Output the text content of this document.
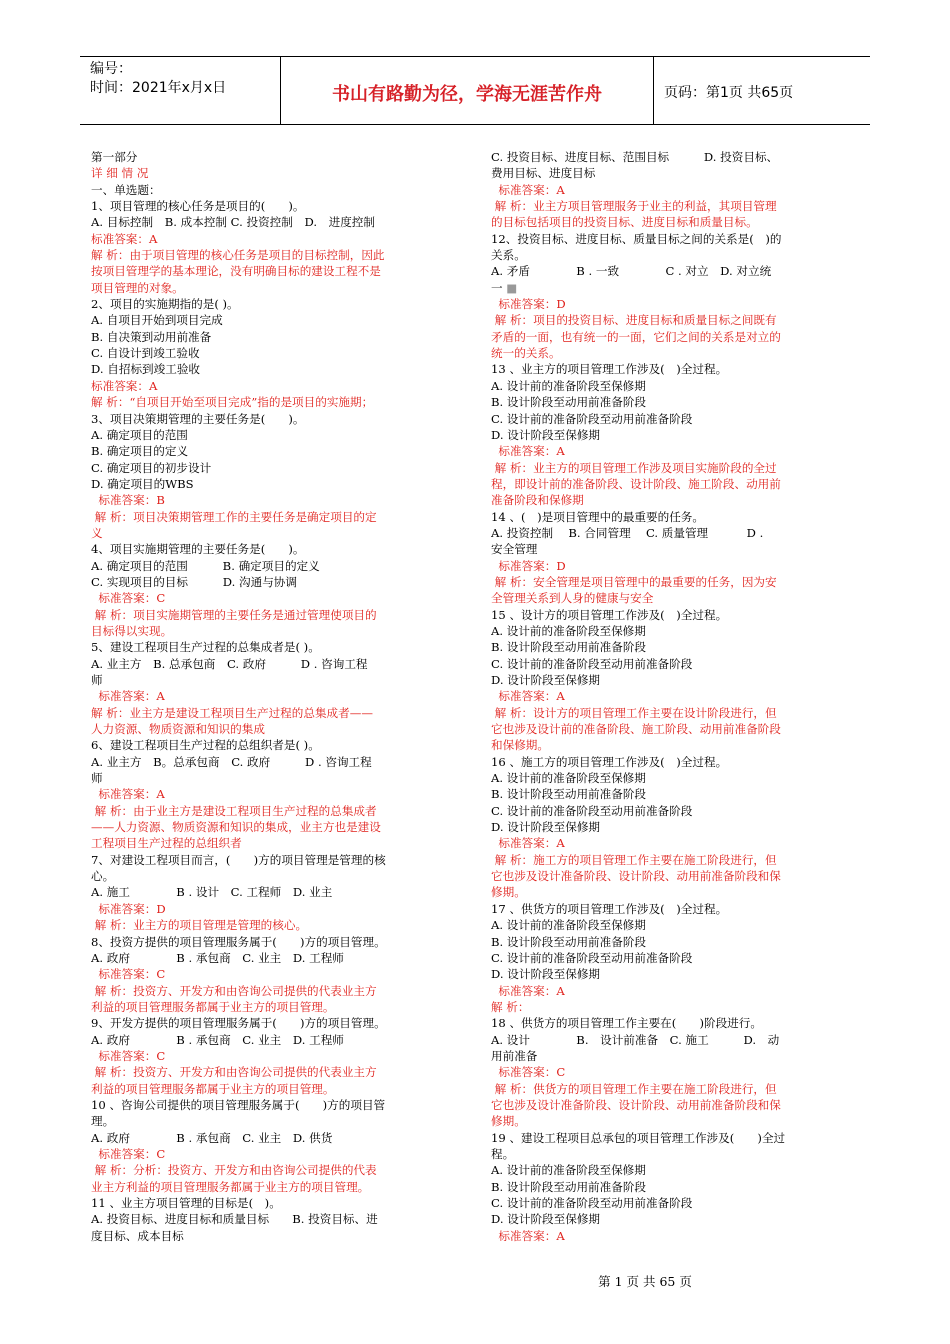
编号：
时间：2021年x月x日	书山有路勤为径，学海无涯苦作舟	页码：第1页 共65页
第一部分
详 细 情 况
一、单选题：
1、项目管理的核心任务是项目的(　　)。
A. 目标控制　B. 成本控制 C. 投资控制　D.　进度控制
标准答案：A
解 析：由于项目管理的核心任务是项目的目标控制，因此
按项目管理学的基本理论，没有明确目标的建设工程不是
项目管理的对象。
2、项目的实施期指的是( )。
A. 自项目开始到项目完成
B. 自决策到动用前准备
C. 自设计到竣工验收
D. 自招标到竣工验收
标准答案：A
解 析：“自项目开始至项目完成”指的是项目的实施期；
3、项目决策期管理的主要任务是(　　)。
A. 确定项目的范围
B. 确定项目的定义
C. 确定项目的初步设计
D. 确定项目的WBS
标准答案：B
解 析：项目决策期管理工作的主要任务是确定项目的定
义
4、项目实施期管理的主要任务是(　　)。
A. 确定项目的范围　　　B. 确定项目的定义
C. 实现项目的目标　　　D. 沟通与协调
标准答案：C
解 析：项目实施期管理的主要任务是通过管理使项目的
目标得以实现。
5、建设工程项目生产过程的总集成者是( )。
A. 业主方　B. 总承包商　C. 政府　　　D . 咨询工程
师
标准答案：A
解 析：业主方是建设工程项目生产过程的总集成者——
人力资源、物质资源和知识的集成
6、建设工程项目生产过程的总组织者是( )。
A. 业主方　B。总承包商　C. 政府　　　D . 咨询工程
师
标准答案：A
解 析：由于业主方是建设工程项目生产过程的总集成者
——人力资源、物质资源和知识的集成，业主方也是建设
工程项目生产过程的总组织者
7、对建设工程项目而言，(　　)方的项目管理是管理的核
心。
A. 施工　　　　B . 设计　C. 工程师　D. 业主
标准答案：D
解 析：业主方的项目管理是管理的核心。
8、投资方提供的项目管理服务属于(　　)方的项目管理。
A. 政府　　　　B . 承包商　C. 业主　D. 工程师
标准答案：C
解 析：投资方、开发方和由咨询公司提供的代表业主方
利益的项目管理服务都属于业主方的项目管理。
9、开发方提供的项目管理服务属于(　　)方的项目管理。
A. 政府　　　　B . 承包商　C. 业主　D. 工程师
标准答案：C
解 析：投资方、开发方和由咨询公司提供的代表业主方
利益的项目管理服务都属于业主方的项目管理。
10 、咨询公司提供的项目管理服务属于(　　)方的项目管
理。
A. 政府　　　　B . 承包商　C. 业主　D. 供货
标准答案：C
解 析：分析：投资方、开发方和由咨询公司提供的代表
业主方利益的项目管理服务都属于业主方的项目管理。
11 、业主方项目管理的目标是(　)。
A. 投资目标、进度目标和质量目标　　B. 投资目标、进
度目标、成本目标
C. 投资目标、进度目标、范围目标　　　D. 投资目标、
费用目标、进度目标
标准答案：A
解 析：业主方项目管理服务于业主的利益，其项目管理
的目标包括项目的投资目标、进度目标和质量目标。
12、投资目标、进度目标、质量目标之间的关系是(　)的
关系。
A. 矛盾　　　　B . 一致　　　　C . 对立　D. 对立统
一 ■
标准答案：D
解 析：项目的投资目标、进度目标和质量目标之间既有
矛盾的一面，也有统一的一面，它们之间的关系是对立的
统一的关系。
13 、业主方的项目管理工作涉及(　)全过程。
A. 设计前的准备阶段至保修期
B. 设计阶段至动用前准备阶段
C. 设计前的准备阶段至动用前准备阶段
D. 设计阶段至保修期
标准答案：A
解 析：业主方的项目管理工作涉及项目实施阶段的全过
程，即设计前的准备阶段、设计阶段、施工阶段、动用前
准备阶段和保修期
14 、(　)是项目管理中的最重要的任务。
A. 投资控制　 B. 合同管理　 C. 质量管理　　　 D .
安全管理
标准答案：D
解 析：安全管理是项目管理中的最重要的任务，因为安
全管理关系到人身的健康与安全
15 、设计方的项目管理工作涉及(　)全过程。
A. 设计前的准备阶段至保修期
B. 设计阶段至动用前准备阶段
C. 设计前的准备阶段至动用前准备阶段
D. 设计阶段至保修期
标准答案：A
解 析：设计方的项目管理工作主要在设计阶段进行，但
它也涉及设计前的准备阶段、施工阶段、动用前准备阶段
和保修期。
16 、施工方的项目管理工作涉及(　)全过程。
A. 设计前的准备阶段至保修期
B. 设计阶段至动用前准备阶段
C. 设计前的准备阶段至动用前准备阶段
D. 设计阶段至保修期
标准答案：A
解 析：施工方的项目管理工作主要在施工阶段进行，但
它也涉及设计准备阶段、设计阶段、动用前准备阶段和保
修期。
17 、供货方的项目管理工作涉及(　)全过程。
A. 设计前的准备阶段至保修期
B. 设计阶段至动用前准备阶段
C. 设计前的准备阶段至动用前准备阶段
D. 设计阶段至保修期
标准答案：A
解 析：
18 、供货方的项目管理工作主要在(　　)阶段进行。
A. 设计　　　　B.　设计前准备　C. 施工　　　D.　动
用前准备
标准答案：C
解 析：供货方的项目管理工作主要在施工阶段进行，但
它也涉及设计准备阶段、设计阶段、动用前准备阶段和保
修期。
19 、建设工程项目总承包的项目管理工作涉及(　　)全过
程。
A. 设计前的准备阶段至保修期
B. 设计阶段至动用前准备阶段
C. 设计前的准备阶段至动用前准备阶段
D. 设计阶段至保修期
标准答案：A
第 1 页 共 65 页
